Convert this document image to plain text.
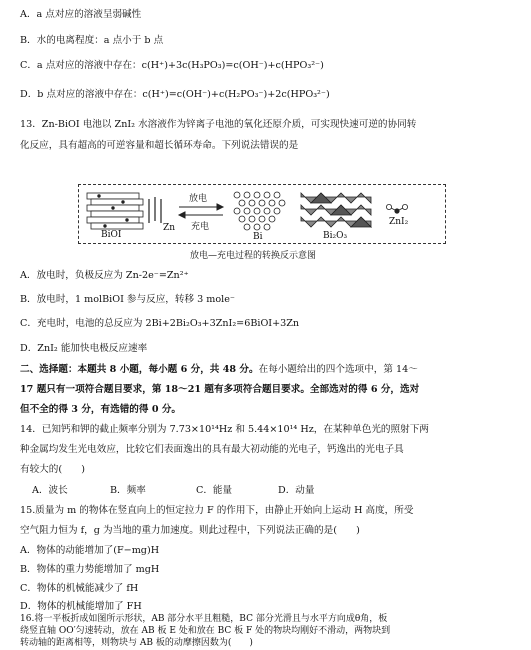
A．a 点对应的溶液呈弱碱性
B．水的电离程度：a 点小于 b 点
C．a 点对应的溶液中存在：c(H⁺)+3c(H₃PO₃)=c(OH⁻)+c(HPO₃²⁻)
D．b 点对应的溶液中存在：c(H⁺)=c(OH⁻)+c(H₂PO₃⁻)+2c(HPO₃²⁻)
13．Zn-BiOI 电池以 ZnI₂ 水溶液作为锌离子电池的氧化还原介质，可实现快速可逆的协同转
化反应，具有超高的可逆容量和超长循环寿命。下列说法错误的是
BiOI
Zn
放电
充电
Bi	Bi₂O₃
ZnI₂
放电—充电过程的转换反示意图
A．放电时，负极反应为 Zn-2e⁻=Zn²⁺
B．放电时，1 molBiOI 参与反应，转移 3 mole⁻
C．充电时，电池的总反应为 2Bi+2Bi₂O₃+3ZnI₂=6BiOI+3Zn
D．ZnI₂ 能加快电极反应速率
二、选择题：本题共 8 小题，每小题 6 分，共 48 分。在每小题给出的四个选项中，第 14～
17 题只有一项符合题目要求，第 18～21 题有多项符合题目要求。全部选对的得 6 分，选对
但不全的得 3 分，有选错的得 0 分。
14．已知钙和钾的截止频率分别为 7.73×10¹⁴Hz 和 5.44×10¹⁴ Hz，在某种单色光的照射下两
种金属均发生光电效应，比较它们表面逸出的具有最大初动能的光电子，钙逸出的光电子具
有较大的(　　)
A．波长	B．频率	C．能量	D．动量
15.质量为 m 的物体在竖直向上的恒定拉力 F 的作用下，由静止开始向上运动 H 高度，所受
空气阻力恒为 f，g 为当地的重力加速度。则此过程中，下列说法正确的是(　　)
A．物体的动能增加了(F−mg)H
B．物体的重力势能增加了 mgH
C．物体的机械能减少了 fH
D．物体的机械能增加了 FH
16.将一平板折成如图所示形状，AB 部分水平且粗糙，BC 部分光滑且与水平方向成θ角，板
绕竖直轴 OO′匀速转动，放在 AB 板 E 处和放在 BC 板 F 处的物块均刚好不滑动，两物块到
转动轴的距离相等，则物块与 AB 板的动摩擦因数为(　　)
